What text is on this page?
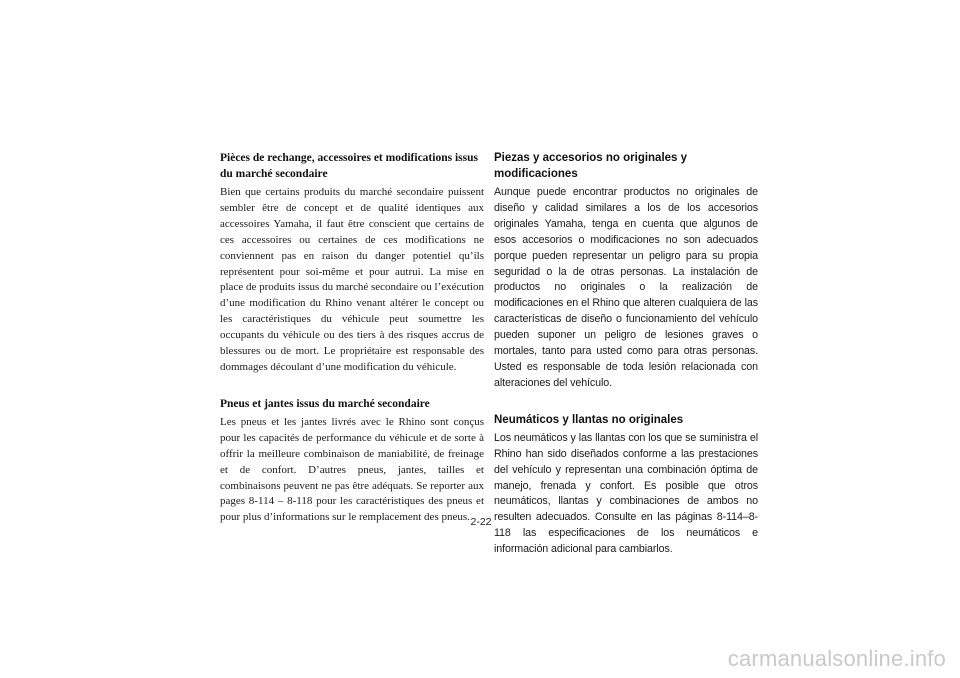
Pièces de rechange, accessoires et modifications issus du marché secondaire

Bien que certains produits du marché secondaire puissent sembler être de concept et de qualité identiques aux accessoires Yamaha, il faut être conscient que certains de ces accessoires ou certaines de ces modifications ne conviennent pas en raison du danger potentiel qu’ils représentent pour soi-même et pour autrui. La mise en place de produits issus du marché secondaire ou l’exécution d’une modification du Rhino venant altérer le concept ou les caractéristiques du véhicule peut soumettre les occupants du véhicule ou des tiers à des risques accrus de blessures ou de mort. Le propriétaire est responsable des dommages découlant d’une modification du véhicule.

Pneus et jantes issus du marché secondaire

Les pneus et les jantes livrés avec le Rhino sont conçus pour les capacités de performance du véhicule et de sorte à offrir la meilleure combinaison de maniabilité, de freinage et de confort. D’autres pneus, jantes, tailles et combinaisons peuvent ne pas être adéquats. Se reporter aux pages 8-114 – 8-118 pour les caractéristiques des pneus et pour plus d’informations sur le remplacement des pneus.

Piezas y accesorios no originales y modificaciones

Aunque puede encontrar productos no originales de diseño y calidad similares a los de los accesorios originales Yamaha, tenga en cuenta que algunos de esos accesorios o modificaciones no son adecuados porque pueden representar un peligro para su propia seguridad o la de otras personas. La instalación de productos no originales o la realización de modificaciones en el Rhino que alteren cualquiera de las características de diseño o funcionamiento del vehículo pueden suponer un peligro de lesiones graves o mortales, tanto para usted como para otras personas. Usted es responsable de toda lesión relacionada con alteraciones del vehículo.

Neumáticos y llantas no originales

Los neumáticos y las llantas con los que se suministra el Rhino han sido diseñados conforme a las prestaciones del vehículo y representan una combinación óptima de manejo, frenada y confort. Es posible que otros neumáticos, llantas y combinaciones de ambos no resulten adecuados. Consulte en las páginas 8-114–8-118 las especificaciones de los neumáticos e información adicional para cambiarlos.

2-22
carmanualsonline.info
